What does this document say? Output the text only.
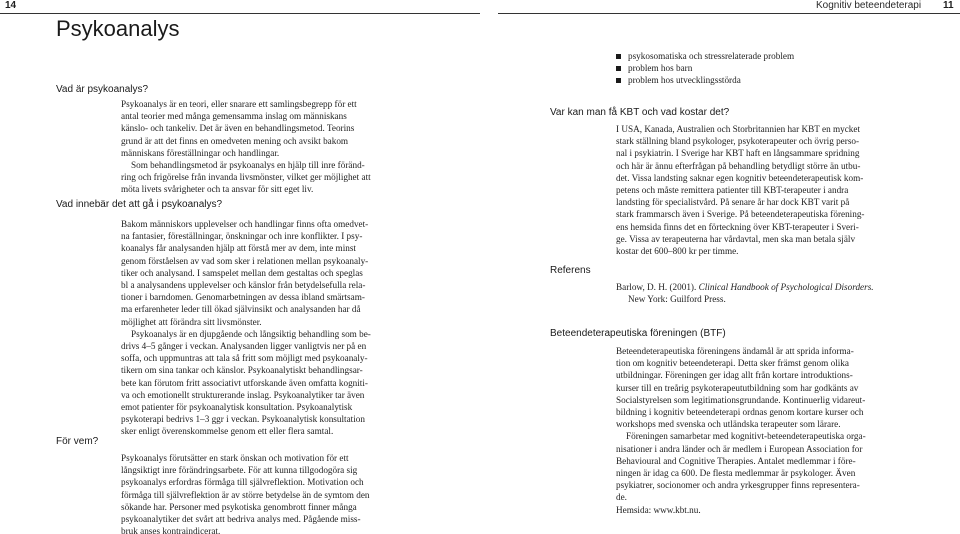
14
Psykoanalys
Vad är psykoanalys?

Psykoanalys är en teori, eller snarare ett samlingsbegrepp för ett
antal teorier med många gemensamma inslag om människans
känslo- och tankeliv. Det är även en behandlingsmetod. Teorins
grund är att det finns en omedveten mening och avsikt bakom
människans föreställningar och handlingar.

Som behandlingsmetod är psykoanalys en hjälp till inre föränd-
ring och frigörelse från invanda livsmönster, vilket ger möjlighet att
möta livets svårigheter och ta ansvar för sitt eget liv.

Vad innebär det att gå i psykoanalys?

Bakom människors upplevelser och handlingar finns ofta omedvet-
na fantasier, föreställningar, önskningar och inre konflikter. I psy-
koanalys får analysanden hjälp att förstå mer av dem, inte minst
genom förståelsen av vad som sker i relationen mellan psykoanaly-
tiker och analysand. I samspelet mellan dem gestaltas och speglas
bl a analysandens upplevelser och känslor från betydelsefulla rela-
tioner i barndomen. Genomarbetningen av dessa ibland smärtsam-
ma erfarenheter leder till ökad självinsikt och analysanden har då
möjlighet att förändra sitt livsmönster.

Psykoanalys är en djupgående och långsiktig behandling som be-
drivs 4–5 gånger i veckan. Analysanden ligger vanligtvis ner på en
soffa, och uppmuntras att tala så fritt som möjligt med psykoanaly-
tikern om sina tankar och känslor. Psykoanalytiskt behandlingsar-
bete kan förutom fritt associativt utforskande även omfatta kogniti-
va och emotionellt strukturerande inslag. Psykoanalytiker tar även
emot patienter för psykoanalytisk konsultation. Psykoanalytisk
psykoterapi bedrivs 1–3 ggr i veckan. Psykoanalytisk konsultation
sker enligt överenskommelse genom ett eller flera samtal.

För vem?

Psykoanalys förutsätter en stark önskan och motivation för ett
långsiktigt inre förändringsarbete. För att kunna tillgodogöra sig
psykoanalys erfordras förmåga till självreflektion. Motivation och
förmåga till självreflektion är av större betydelse än de symtom den
sökande har. Personer med psykotiska genombrott finner många
psykoanalytiker det svårt att bedriva analys med. Pågående miss-
bruk anses kontraindicerat.

Kognitiv beteendeterapi 11
psykosomatiska och stressrelaterade problem
problem hos barn
problem hos utvecklingsstörda
Var kan man få KBT och vad kostar det?

I USA, Kanada, Australien och Storbritannien har KBT en mycket
stark ställning bland psykologer, psykoterapeuter och övrig perso-
nal i psykiatrin. I Sverige har KBT haft en långsammare spridning
och här är ännu efterfrågan på behandling betydligt större än utbu-
det. Vissa landsting saknar egen kognitiv beteendeterapeutisk kom-
petens och måste remittera patienter till KBT-terapeuter i andra
landsting för specialistvård. På senare år har dock KBT varit på
stark frammarsch även i Sverige. På beteendeterapeutiska förening-
ens hemsida finns det en förteckning över KBT-terapeuter i Sveri-
ge. Vissa av terapeuterna har vårdavtal, men ska man betala själv
kostar det 600–800 kr per timme.

Referens

Barlow, D. H. (2001). Clinical Handbook of Psychological Disorders.
New York: Guilford Press.

Beteendeterapeutiska föreningen (BTF)

Beteendeterapeutiska föreningens ändamål är att sprida informa-
tion om kognitiv beteendeterapi. Detta sker främst genom olika
utbildningar. Föreningen ger idag allt från kortare introduktions-
kurser till en treårig psykoterapeututbildning som har godkänts av
Socialstyrelsen som legitimationsgrundande. Kontinuerlig vidareut-
bildning i kognitiv beteendeterapi ordnas genom kortare kurser och
workshops med svenska och utländska terapeuter som lärare.

Föreningen samarbetar med kognitivt-beteendeterapeutiska orga-
nisationer i andra länder och är medlem i European Association for
Behavioural and Cognitive Therapies. Antalet medlemmar i före-
ningen är idag ca 600. De flesta medlemmar är psykologer. Även
psykiatrer, socionomer och andra yrkesgrupper finns representera-
de.

Hemsida: www.kbt.nu.
